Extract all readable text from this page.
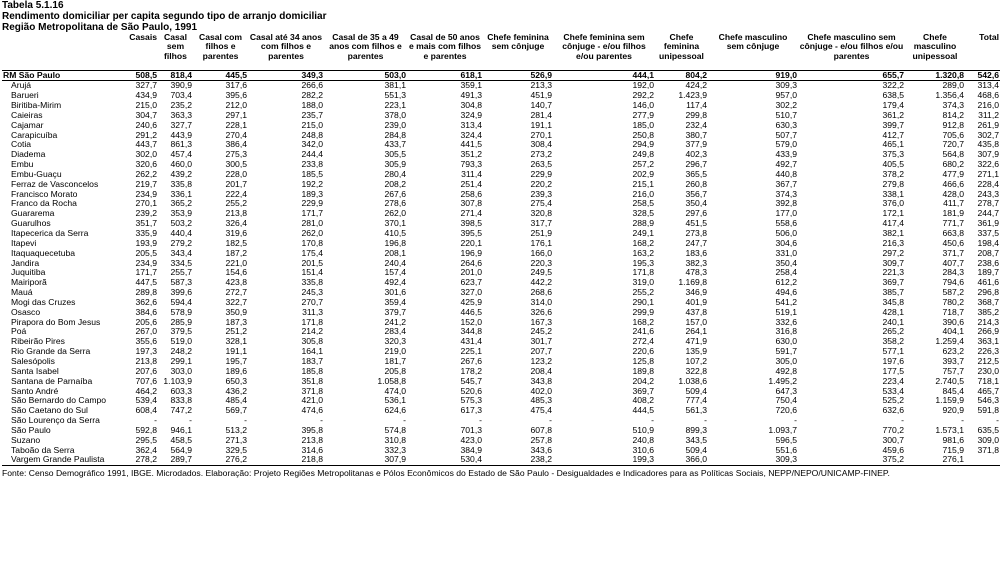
Tabela 5.1.16
Rendimento domiciliar per capita segundo tipo de arranjo domiciliar
Região Metropolitana de São Paulo, 1991
	Casais	Casal sem filhos	Casal com filhos e parentes	Casal até 34 anos com filhos e parentes	Casal de 35 a 49 anos com filhos e parentes	Casal de 50 anos e mais com filhos e parentes	Chefe feminina sem cônjuge	Chefe feminina sem cônjuge - e/ou filhos e/ou parentes	Chefe feminina unipessoal	Chefe masculino sem cônjuge	Chefe masculino sem cônjuge - e/ou filhos e/ou parentes	Chefe masculino unipessoal	Total
RM São Paulo	508,5	818,4	445,5	349,3	503,0	618,1	526,9	444,1	804,2	919,0	655,7	1.320,8	542,6
Arujá	327,7	390,9	317,6	266,6	381,1	359,1	213,3	192,0	424,2	309,3	322,2	289,0	313,4
Barueri	434,9	703,4	395,6	282,2	551,3	491,3	451,9	292,2	1.423,9	957,0	638,5	1.356,4	468,6
Biritiba-Mirim	215,0	235,2	212,0	188,0	223,1	304,8	140,7	146,0	117,4	302,2	179,4	374,3	216,0
Caieiras	304,7	363,3	297,1	235,7	378,0	324,9	281,4	277,9	299,8	510,7	361,2	814,2	311,2
Cajamar	240,6	327,7	228,1	215,0	239,0	313,4	191,1	185,0	232,4	630,3	399,7	912,8	261,9
Carapicuíba	291,2	443,9	270,4	248,8	284,8	324,4	270,1	250,8	380,7	507,7	412,7	705,6	302,7
Cotia	443,7	861,3	386,4	342,0	433,7	441,5	308,4	294,9	377,9	579,0	465,1	720,7	435,8
Diadema	302,0	457,4	275,3	244,4	305,5	351,2	273,2	249,8	402,3	433,9	375,3	564,8	307,9
Embu	320,6	460,0	300,5	233,8	305,9	793,3	263,5	257,2	296,7	492,7	405,5	680,2	322,6
Embu-Guaçu	262,2	439,2	228,0	185,5	280,4	311,4	229,9	202,9	365,5	440,8	378,2	477,9	271,1
Ferraz de Vasconcelos	219,7	335,8	201,7	192,2	208,2	251,4	220,2	215,1	260,8	367,7	279,8	466,6	228,4
Francisco Morato	234,9	336,1	222,4	189,3	267,6	258,6	239,3	216,0	356,7	374,3	338,1	428,0	243,3
Franco da Rocha	270,1	365,2	255,2	229,9	278,6	307,8	275,4	258,5	350,4	392,8	376,0	411,7	278,7
Guararema	239,2	353,9	213,8	171,7	262,0	271,4	320,8	328,5	297,6	177,0	172,1	181,9	244,7
Guarulhos	351,7	503,2	326,4	281,0	370,1	398,5	317,7	288,9	451,5	558,6	417,4	771,7	361,9
Itapecerica da Serra	335,9	440,4	319,6	262,0	410,5	395,5	251,9	249,1	273,8	506,0	382,1	663,8	337,5
Itapevi	193,9	279,2	182,5	170,8	196,8	220,1	176,1	168,2	247,7	304,6	216,3	450,6	198,4
Itaquaquecetuba	205,5	343,4	187,2	175,4	208,1	196,9	166,0	163,2	183,6	331,0	297,2	371,7	208,7
Jandira	234,9	334,5	221,0	201,5	240,4	264,6	220,3	195,3	382,3	350,4	309,7	407,7	238,6
Juquitiba	171,7	255,7	154,6	151,4	157,4	201,0	249,5	171,8	478,3	258,4	221,3	284,3	189,7
Mairiporã	447,5	587,3	423,8	335,8	492,4	623,7	442,2	319,0	1.169,8	612,2	369,7	794,6	461,6
Mauá	289,8	399,6	272,7	245,3	301,6	327,0	268,6	255,2	346,9	494,6	385,7	587,2	296,8
Mogi das Cruzes	362,6	594,4	322,7	270,7	359,4	425,9	314,0	290,1	401,9	541,2	345,8	780,2	368,7
Osasco	384,6	578,9	350,9	311,3	379,7	446,5	326,6	299,9	437,8	519,1	428,1	718,7	385,2
Pirapora do Bom Jesus	205,6	285,9	187,3	171,8	241,2	152,0	167,3	168,2	157,0	332,6	240,1	390,6	214,3
Poá	267,0	379,5	251,2	214,2	283,4	344,8	245,2	241,6	264,1	316,8	265,2	404,1	266,9
Ribeirão Pires	355,6	519,0	328,1	305,8	320,3	431,4	301,7	272,4	471,9	630,0	358,2	1.259,4	363,1
Rio Grande da Serra	197,3	248,2	191,1	164,1	219,0	225,1	207,7	220,6	135,9	591,7	577,1	623,2	226,3
Salesópolis	213,8	299,1	195,7	183,7	181,7	267,6	123,2	125,8	107,2	305,0	197,6	393,7	212,5
Santa Isabel	207,6	303,0	189,6	185,8	205,8	178,2	208,4	189,8	322,8	492,8	177,5	757,7	230,0
Santana de Parnaíba	707,6	1.103,9	650,3	351,8	1.058,8	545,7	343,8	204,2	1.038,6	1.495,2	223,4	2.740,5	718,1
Santo André	464,2	603,3	436,2	371,8	474,0	520,6	402,0	369,7	509,4	647,3	533,4	845,4	465,7
São Bernardo do Campo	539,4	833,8	485,4	421,0	536,1	575,3	485,3	408,2	777,4	750,4	525,2	1.159,9	546,3
São Caetano do Sul	608,4	747,2	569,7	474,6	624,6	617,3	475,4	444,5	561,3	720,6	632,6	920,9	591,8
São Lourenço da Serra	-	-	-	-	-	-	-	-	-	-	-	-	-
São Paulo	592,8	946,1	513,2	395,8	574,8	701,3	607,8	510,9	899,3	1.093,7	770,2	1.573,1	635,5
Suzano	295,5	458,5	271,3	213,8	310,8	423,0	257,8	240,8	343,5	596,5	300,7	981,6	309,0
Taboão da Serra	362,4	564,9	329,5	314,6	332,3	384,9	343,6	310,6	509,4	551,6	459,6	715,9	371,8
Vargem Grande Paulista	278,2	289,7	276,2	218,8	307,9	530,4	238,2	199,3	366,0	309,3	375,2	276,1	
Fonte: Censo Demográfico 1991, IBGE. Microdados. Elaboração: Projeto Regiões Metropolitanas e Pólos Econômicos do Estado de São Paulo - Desigualdades e Indicadores para as Políticas Sociais, NEPP/NEPO/UNICAMP-FINEP.
